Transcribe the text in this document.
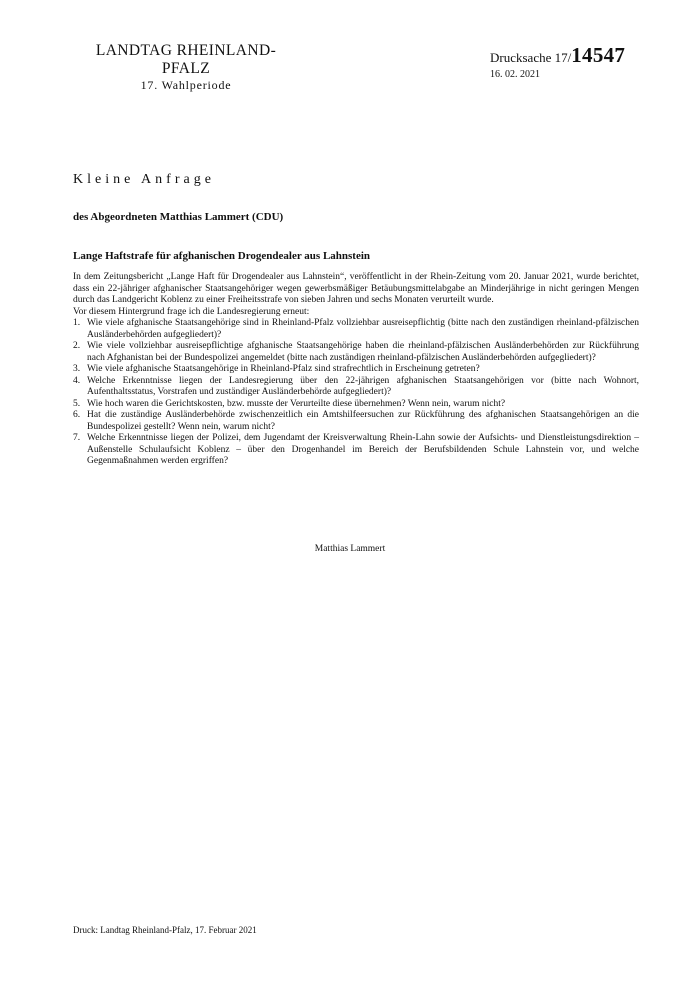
LANDTAG RHEINLAND-PFALZ
17. Wahlperiode
Drucksache 17/14547
16. 02. 2021
Kleine Anfrage
des Abgeordneten Matthias Lammert (CDU)
Lange Haftstrafe für afghanischen Drogendealer aus Lahnstein

In dem Zeitungsbericht „Lange Haft für Drogendealer aus Lahnstein“, veröffentlicht in der Rhein-Zeitung vom 20. Januar 2021, wurde berichtet, dass ein 22-jähriger afghanischer Staatsangehöriger wegen gewerbsmäßiger Betäubungsmittelabgabe an Minderjährige in nicht geringen Mengen durch das Landgericht Koblenz zu einer Freiheitsstrafe von sieben Jahren und sechs Monaten verurteilt wurde.

Vor diesem Hintergrund frage ich die Landesregierung erneut:

1. Wie viele afghanische Staatsangehörige sind in Rheinland-Pfalz vollziehbar ausreisepflichtig (bitte nach den zuständigen rheinland-pfälzischen Ausländerbehörden aufgegliedert)?
2. Wie viele vollziehbar ausreisepflichtige afghanische Staatsangehörige haben die rheinland-pfälzischen Ausländerbehörden zur Rückführung nach Afghanistan bei der Bundespolizei angemeldet (bitte nach zuständigen rheinland-pfälzischen Ausländerbehörden aufgegliedert)?
3. Wie viele afghanische Staatsangehörige in Rheinland-Pfalz sind strafrechtlich in Erscheinung getreten?
4. Welche Erkenntnisse liegen der Landesregierung über den 22-jährigen afghanischen Staatsangehörigen vor (bitte nach Wohnort, Aufenthaltsstatus, Vorstrafen und zuständiger Ausländerbehörde aufgegliedert)?
5. Wie hoch waren die Gerichtskosten, bzw. musste der Verurteilte diese übernehmen? Wenn nein, warum nicht?
6. Hat die zuständige Ausländerbehörde zwischenzeitlich ein Amtshilfeersuchen zur Rückführung des afghanischen Staatsangehörigen an die Bundespolizei gestellt? Wenn nein, warum nicht?
7. Welche Erkenntnisse liegen der Polizei, dem Jugendamt der Kreisverwaltung Rhein-Lahn sowie der Aufsichts- und Dienstleistungsdirektion – Außenstelle Schulaufsicht Koblenz – über den Drogenhandel im Bereich der Berufsbildenden Schule Lahnstein vor, und welche Gegenmaßnahmen werden ergriffen?
Matthias Lammert
Druck: Landtag Rheinland-Pfalz, 17. Februar 2021
